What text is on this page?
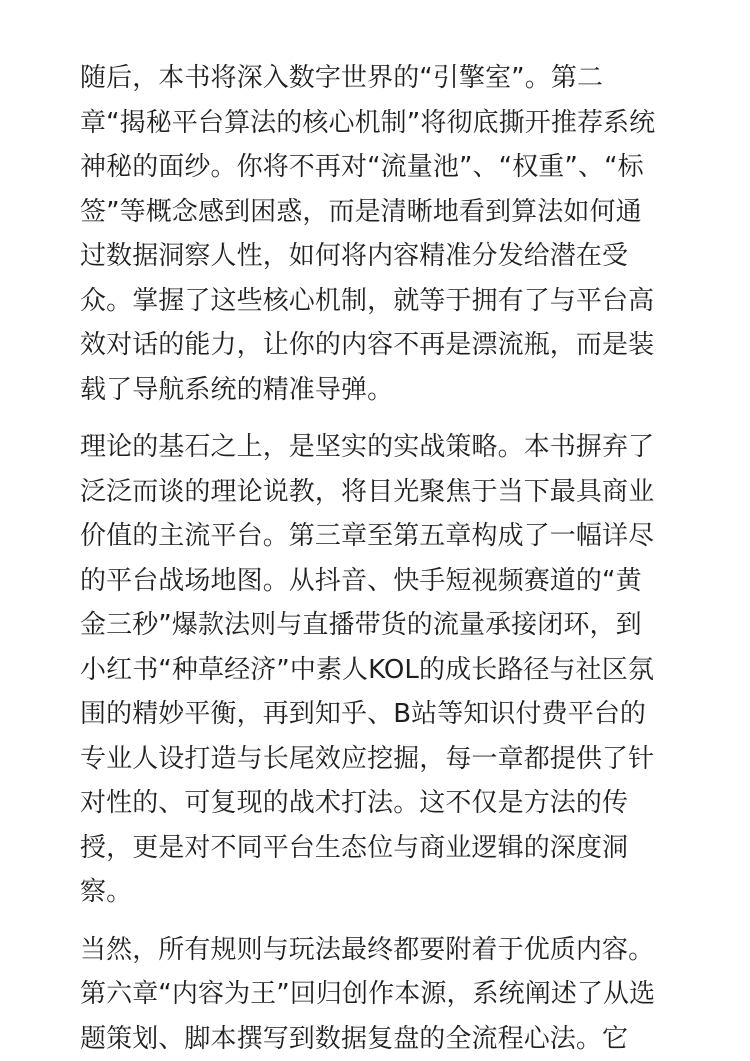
随后，本书将深入数字世界的“引擎室”。第二章“揭秘平台算法的核心机制”将彻底撕开推荐系统神秘的面纱。你将不再对“流量池”、“权重”、“标签”等概念感到困惑，而是清晰地看到算法如何通过数据洞察人性，如何将内容精准分发给潜在受众。掌握了这些核心机制，就等于拥有了与平台高效对话的能力，让你的内容不再是漂流瓶，而是装载了导航系统的精准导弹。

理论的基石之上，是坚实的实战策略。本书摒弃了泛泛而谈的理论说教，将目光聚焦于当下最具商业价值的主流平台。第三章至第五章构成了一幅详尽的平台战场地图。从抖音、快手短视频赛道的“黄金三秒”爆款法则与直播带货的流量承接闭环，到小红书“种草经济”中素人KOL的成长路径与社区氛围的精妙平衡，再到知乎、B站等知识付费平台的专业人设打造与长尾效应挖掘，每一章都提供了针对性的、可复现的战术打法。这不仅是方法的传授，更是对不同平台生态位与商业逻辑的深度洞察。

当然，所有规则与玩法最终都要附着于优质内容。第六章“内容为王”回归创作本源，系统阐述了从选题策划、脚本撰写到数据复盘的全流程心法。它
